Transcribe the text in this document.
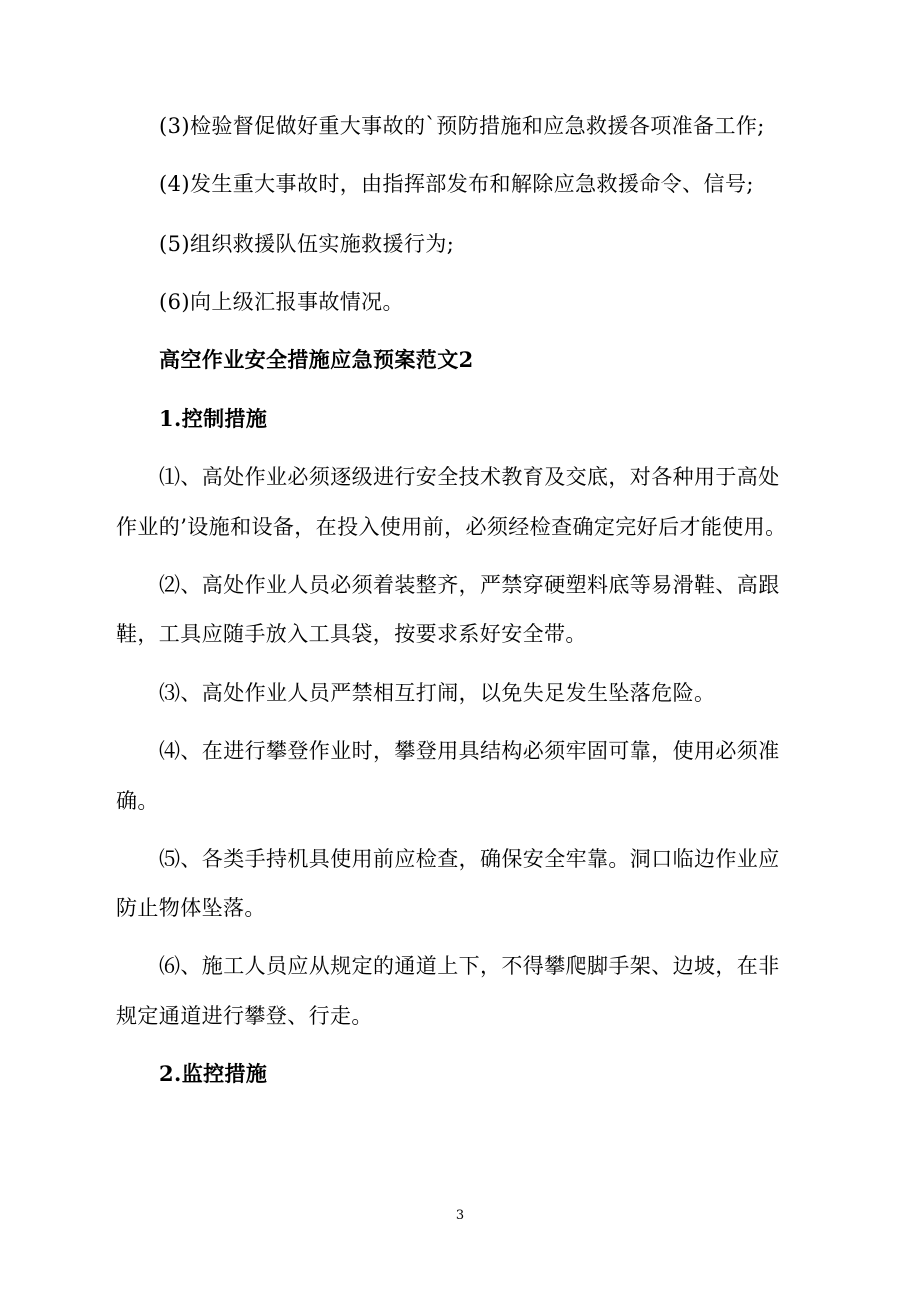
(3)检验督促做好重大事故的`预防措施和应急救援各项准备工作;
(4)发生重大事故时，由指挥部发布和解除应急救援命令、信号;
(5)组织救援队伍实施救援行为;
(6)向上级汇报事故情况。
高空作业安全措施应急预案范文2
1.控制措施
⑴、高处作业必须逐级进行安全技术教育及交底，对各种用于高处
作业的’设施和设备，在投入使用前，必须经检查确定完好后才能使用。
⑵、高处作业人员必须着装整齐，严禁穿硬塑料底等易滑鞋、高跟
鞋，工具应随手放入工具袋，按要求系好安全带。
⑶、高处作业人员严禁相互打闹，以免失足发生坠落危险。
⑷、在进行攀登作业时，攀登用具结构必须牢固可靠，使用必须准
确。
⑸、各类手持机具使用前应检查，确保安全牢靠。洞口临边作业应
防止物体坠落。
⑹、施工人员应从规定的通道上下，不得攀爬脚手架、边坡，在非
规定通道进行攀登、行走。
2.监控措施
3
